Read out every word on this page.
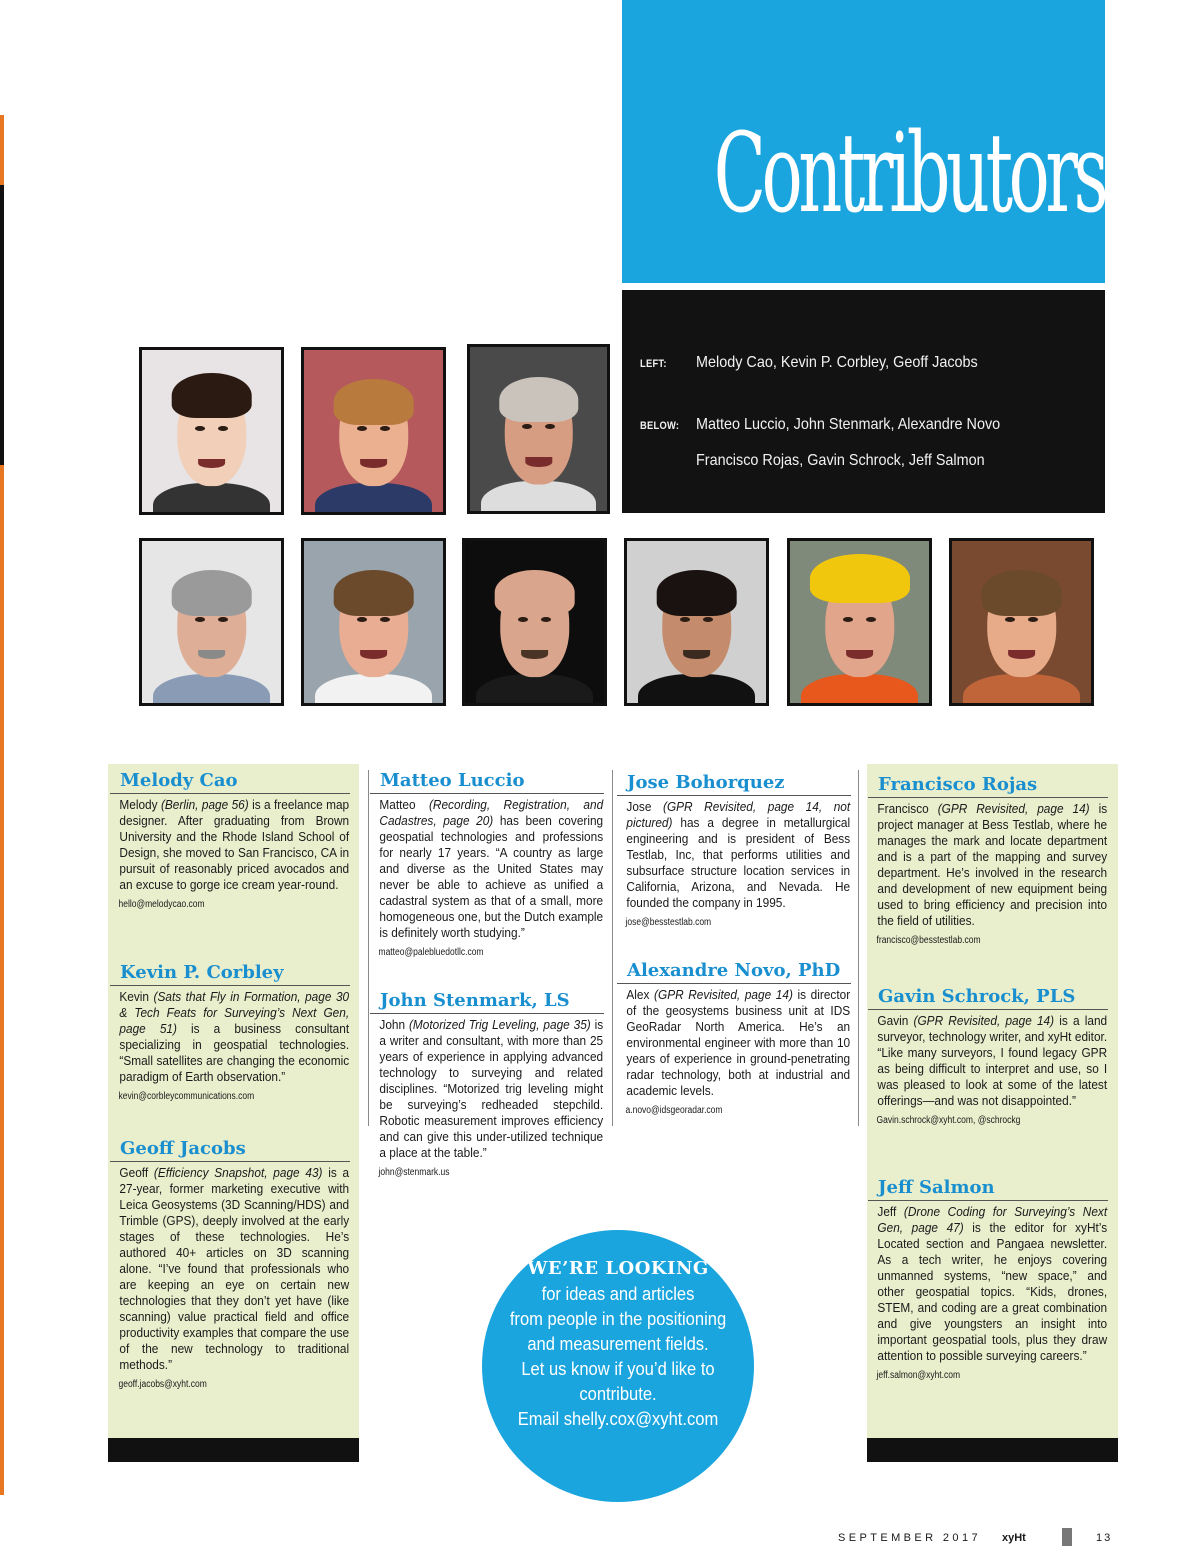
Contributors
LEFT:	Melody Cao, Kevin P. Corbley, Geoff Jacobs
BELOW:	Matteo Luccio, John Stenmark, Alexandre Novo
Francisco Rojas, Gavin Schrock, Jeff Salmon
Melody Cao
Melody (Berlin, page 56) is a freelance map designer. After graduating from Brown University and the Rhode Island School of Design, she moved to San Francisco, CA in pursuit of reasonably priced avocados and an excuse to gorge ice cream year-round.
hello@melodycao.com
Kevin P. Corbley
Kevin (Sats that Fly in Formation, page 30 & Tech Feats for Surveying’s Next Gen, page 51) is a business consultant specializing in geospatial technologies. “Small satellites are changing the economic paradigm of Earth observation.”
kevin@corbleycommunications.com
Geoff Jacobs
Geoff (Efficiency Snapshot, page 43) is a 27-year, former marketing executive with Leica Geosystems (3D Scanning/HDS) and Trimble (GPS), deeply involved at the early stages of these technologies. He’s authored 40+ articles on 3D scanning alone. “I’ve found that professionals who are keeping an eye on certain new technologies that they don’t yet have (like scanning) value practical field and office productivity examples that compare the use of the new technology to traditional methods.”
geoff.jacobs@xyht.com
Matteo Luccio
Matteo (Recording, Registration, and Cadastres, page 20) has been covering geospatial technologies and professions for nearly 17 years. “A country as large and diverse as the United States may never be able to achieve as unified a cadastral system as that of a small, more homogeneous one, but the Dutch example is definitely worth studying.”
matteo@palebluedotllc.com
John Stenmark, LS
John (Motorized Trig Leveling, page 35) is a writer and consultant, with more than 25 years of experience in applying advanced technology to surveying and related disciplines. “Motorized trig leveling might be surveying’s redheaded stepchild. Robotic measurement improves efficiency and can give this under-utilized technique a place at the table.”
john@stenmark.us
Jose Bohorquez
Jose (GPR Revisited, page 14, not pictured) has a degree in metallurgical engineering and is president of Bess Testlab, Inc, that performs utilities and subsurface structure location services in California, Arizona, and Nevada. He founded the company in 1995.
jose@besstestlab.com
Alexandre Novo, PhD
Alex (GPR Revisited, page 14) is director of the geosystems business unit at IDS GeoRadar North America. He’s an environmental engineer with more than 10 years of experience in ground-penetrating radar technology, both at industrial and academic levels.
a.novo@idsgeoradar.com
Francisco Rojas
Francisco (GPR Revisited, page 14) is project manager at Bess Testlab, where he manages the mark and locate department and is a part of the mapping and survey department. He’s involved in the research and development of new equipment being used to bring efficiency and precision into the field of utilities.
francisco@besstestlab.com
Gavin Schrock, PLS
Gavin (GPR Revisited, page 14) is a land surveyor, technology writer, and xyHt editor. “Like many surveyors, I found legacy GPR as being difficult to interpret and use, so I was pleased to look at some of the latest offerings—and was not disappointed.”
Gavin.schrock@xyht.com, @schrockg
Jeff Salmon
Jeff (Drone Coding for Surveying’s Next Gen, page 47) is the editor for xyHt’s Located section and Pangaea newsletter. As a tech writer, he enjoys covering unmanned systems, “new space,” and other geospatial topics. “Kids, drones, STEM, and coding are a great combination and give youngsters an insight into important geospatial tools, plus they draw attention to possible surveying careers.”
jeff.salmon@xyht.com
WE’RE LOOKING
for ideas and articles
from people in the positioning
and measurement fields.
Let us know if you’d like to
contribute.
Email shelly.cox@xyht.com
SEPTEMBER 2017 xyHt	13
